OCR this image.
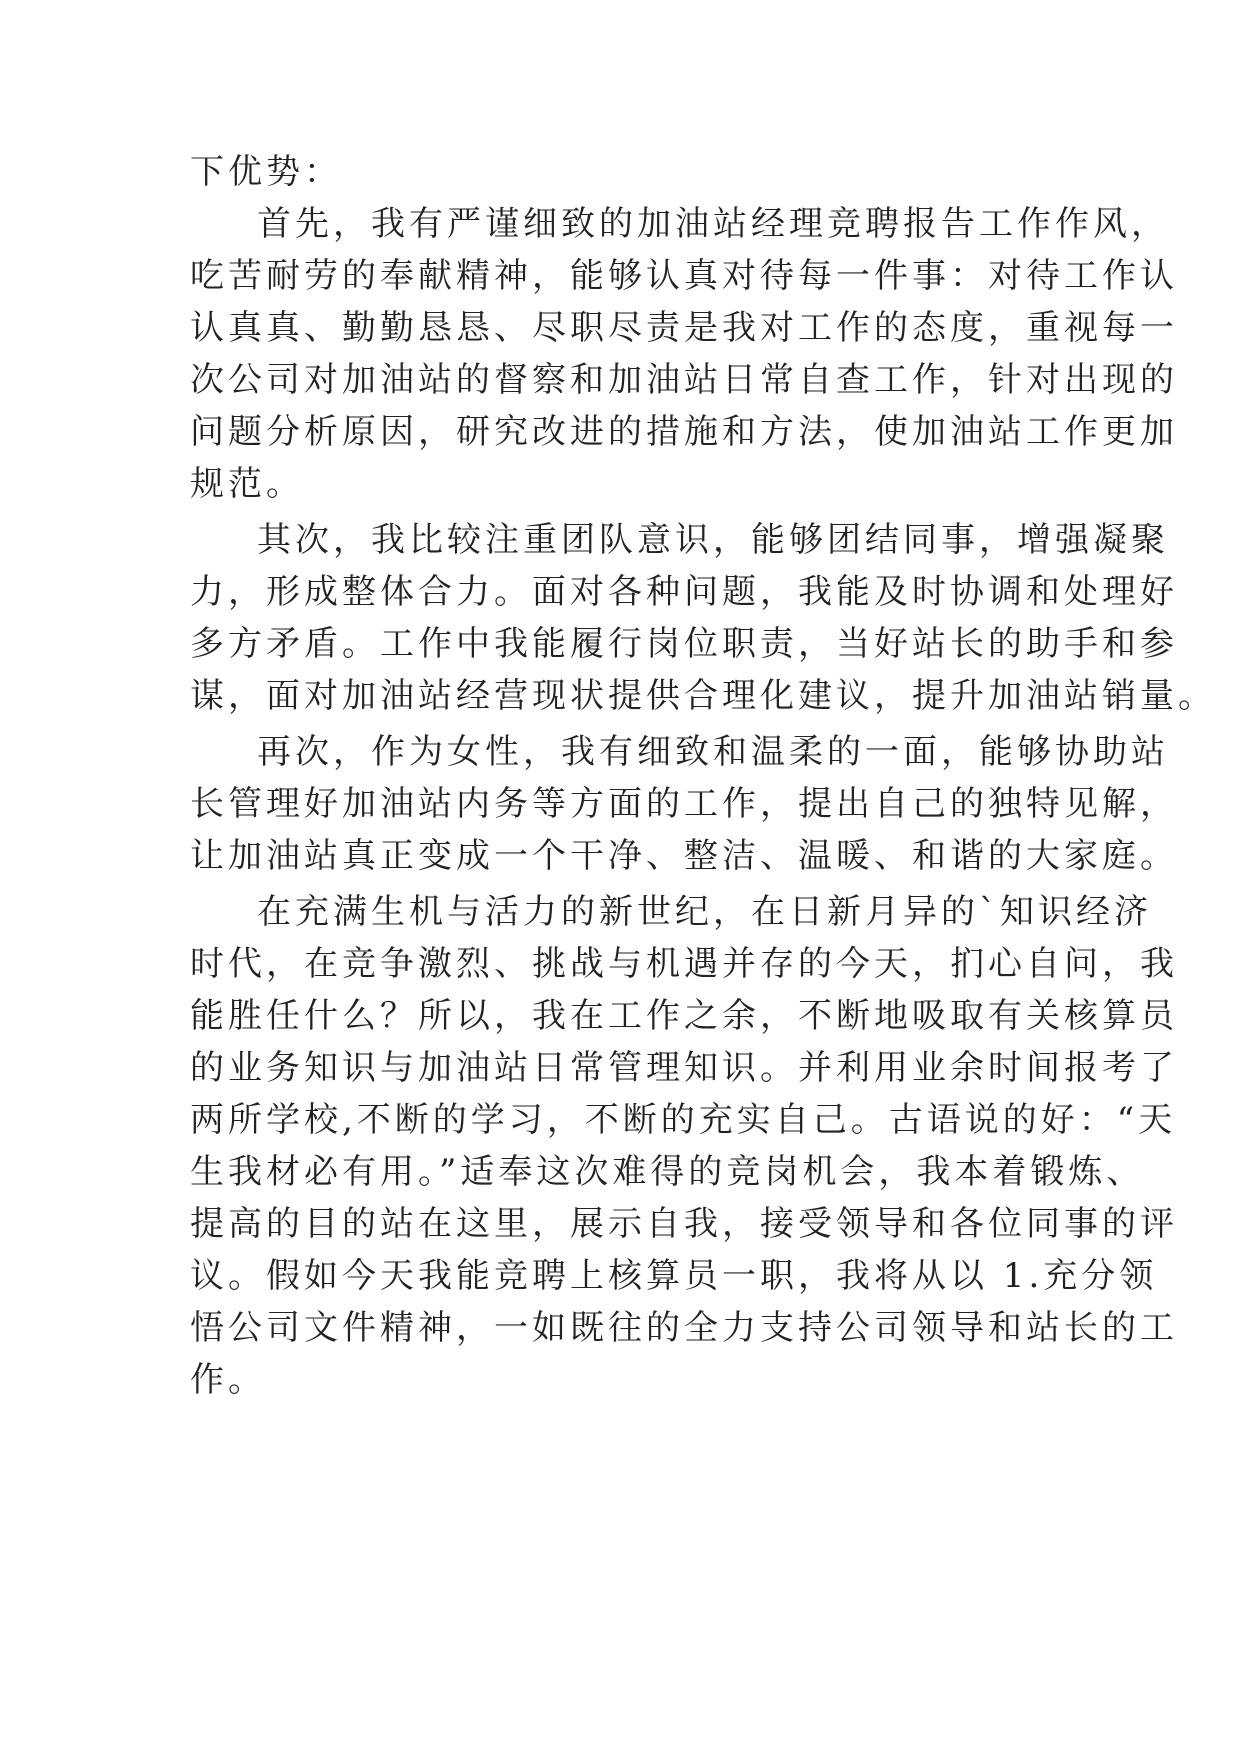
下优势：
首先，我有严谨细致的加油站经理竞聘报告工作作风，
吃苦耐劳的奉献精神，能够认真对待每一件事：对待工作认
认真真、勤勤恳恳、尽职尽责是我对工作的态度，重视每一
次公司对加油站的督察和加油站日常自查工作，针对出现的
问题分析原因，研究改进的措施和方法，使加油站工作更加
规范。
其次，我比较注重团队意识，能够团结同事，增强凝聚
力，形成整体合力。面对各种问题，我能及时协调和处理好
多方矛盾。工作中我能履行岗位职责，当好站长的助手和参
谋，面对加油站经营现状提供合理化建议，提升加油站销量。
再次，作为女性，我有细致和温柔的一面，能够协助站
长管理好加油站内务等方面的工作，提出自己的独特见解，
让加油站真正变成一个干净、整洁、温暖、和谐的大家庭。
在充满生机与活力的新世纪，在日新月异的`知识经济
时代，在竞争激烈、挑战与机遇并存的今天，扪心自问，我
能胜任什么？所以，我在工作之余，不断地吸取有关核算员
的业务知识与加油站日常管理知识。并利用业余时间报考了
两所学校,不断的学习，不断的充实自己。古语说的好：“天
生我材必有用。”适奉这次难得的竞岗机会，我本着锻炼、
提高的目的站在这里，展示自我，接受领导和各位同事的评
议。假如今天我能竞聘上核算员一职，我将从以 1.充分领
悟公司文件精神，一如既往的全力支持公司领导和站长的工
作。
